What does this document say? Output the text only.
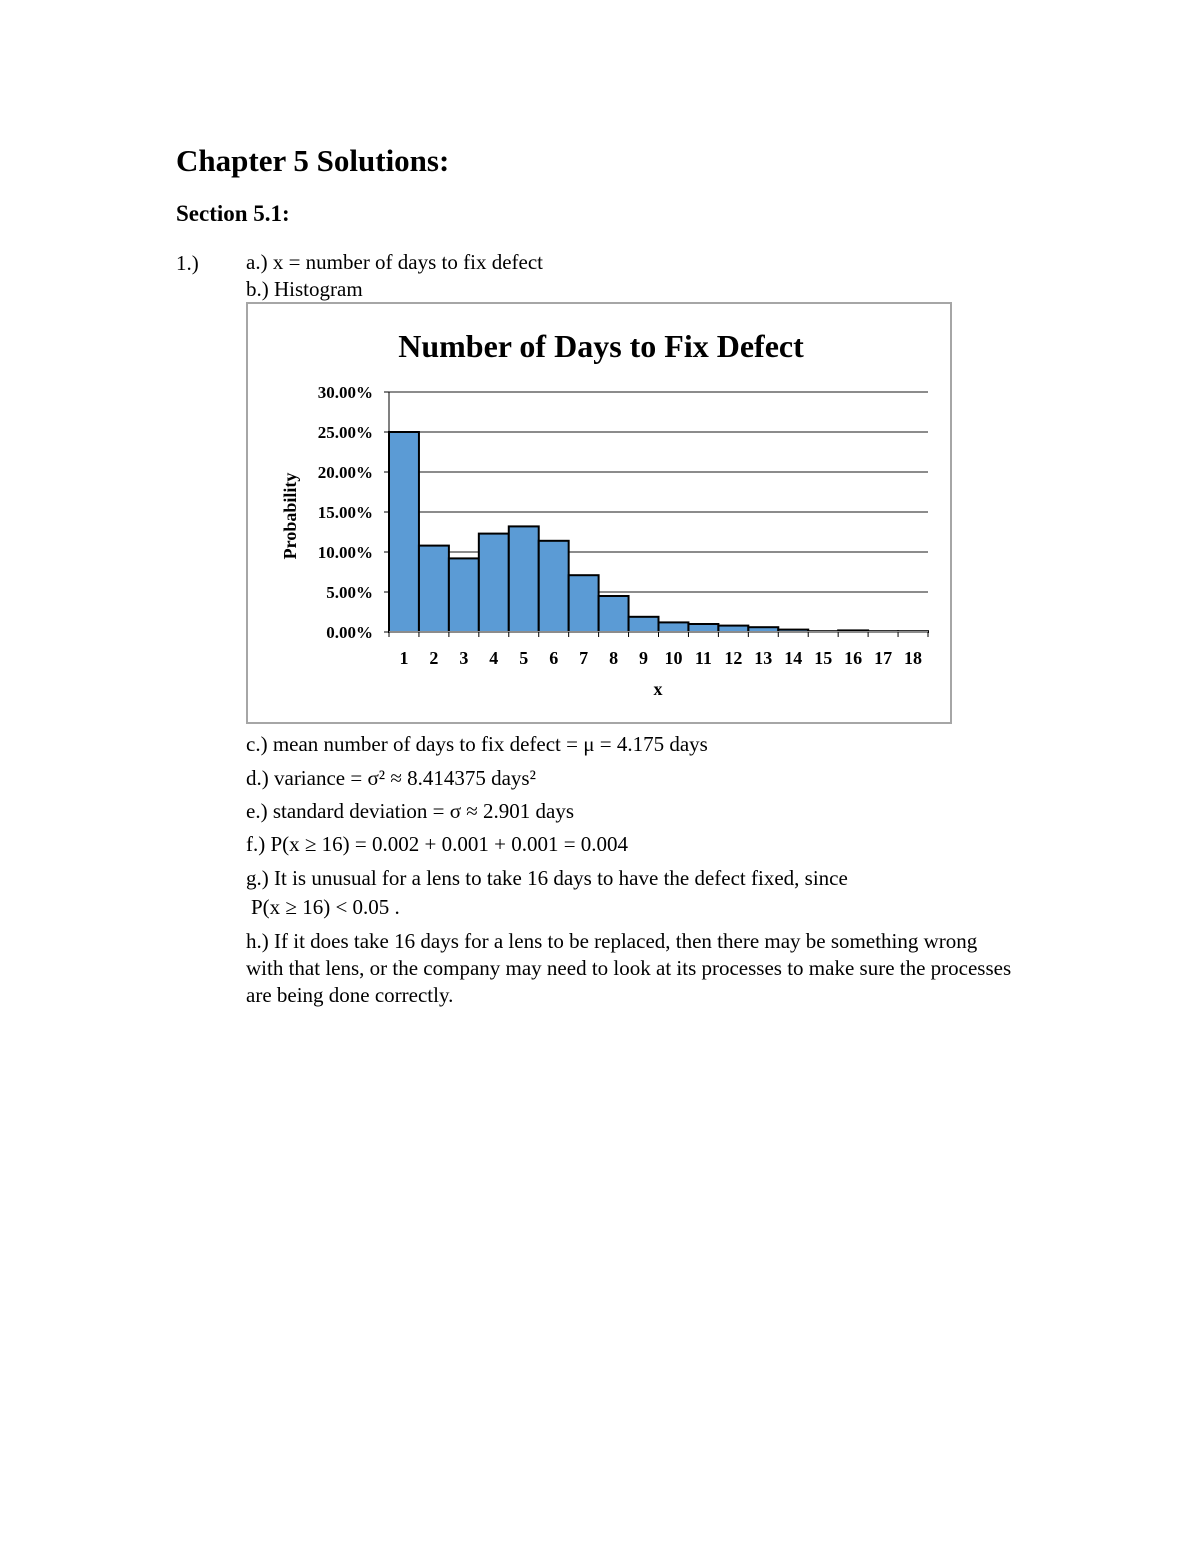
Chapter 5 Solutions:
Section 5.1:
1.) a.) x = number of days to fix defect
b.) Histogram
Number of Days to Fix Defect
Probability
x
0.00%
5.00%
10.00%
15.00%
20.00%
25.00%
30.00%
1 2 3 4 5 6 7 8 9 10 11 12 13 14 15 16 17 18
c.) mean number of days to fix defect = μ = 4.175 days
d.) variance = σ² ≈ 8.414375 days²
e.) standard deviation = σ ≈ 2.901 days
f.) P(x ≥ 16) = 0.002 + 0.001 + 0.001 = 0.004
g.) It is unusual for a lens to take 16 days to have the defect fixed, since
P(x ≥ 16) < 0.05 .
h.) If it does take 16 days for a lens to be replaced, then there may be something wrong with that lens, or the company may need to look at its processes to make sure the processes are being done correctly.
